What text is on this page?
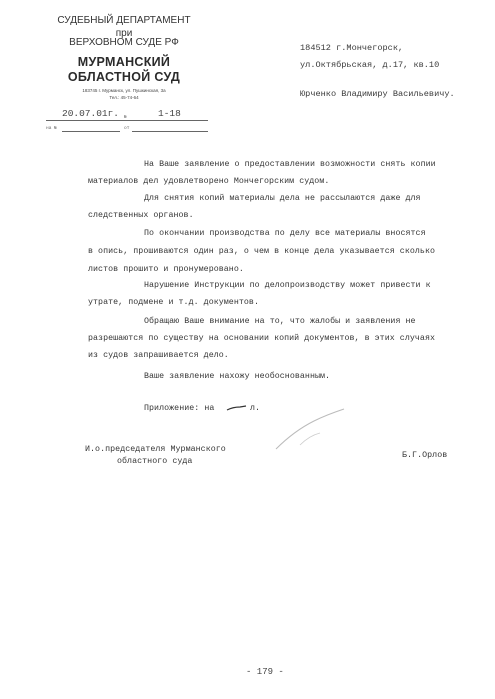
СУДЕБНЫЙ ДЕПАРТАМЕНТ
при
ВЕРХОВНОМ СУДЕ РФ
МУРМАНСКИЙ
ОБЛАСТНОЙ СУД
183745 г. Мурманск, ул. Пушкинская, 3а
Тел.: 45-74-64
20.07.01г. №	1-18
на №	от
184512 г.Мончегорск,
ул.Октябрьская, д.17, кв.10
Юрченко Владимиру Васильевичу.
На Ваше заявление о предоставлении возможности снять копии
материалов дел удовлетворено Мончегорским судом.
Для снятия копий материалы дела не рассылаются даже для
следственных органов.
По окончании производства по делу все материалы вносятся
в опись, прошиваются один раз, о чем в конце дела указывается сколько
листов прошито и пронумеровано.
Нарушение Инструкции по делопроизводству может привести к
утрате, подмене и т.д. документов.
Обращаю Ваше внимание на то, что жалобы и заявления не
разрешаются по существу на основании копий документов, в этих случаях
из судов запрашивается дело.
Ваше заявление нахожу необоснованным.
Приложение: на	л.
И.о.председателя Мурманского
областного суда
Б.Г.Орлов
- 179 -
